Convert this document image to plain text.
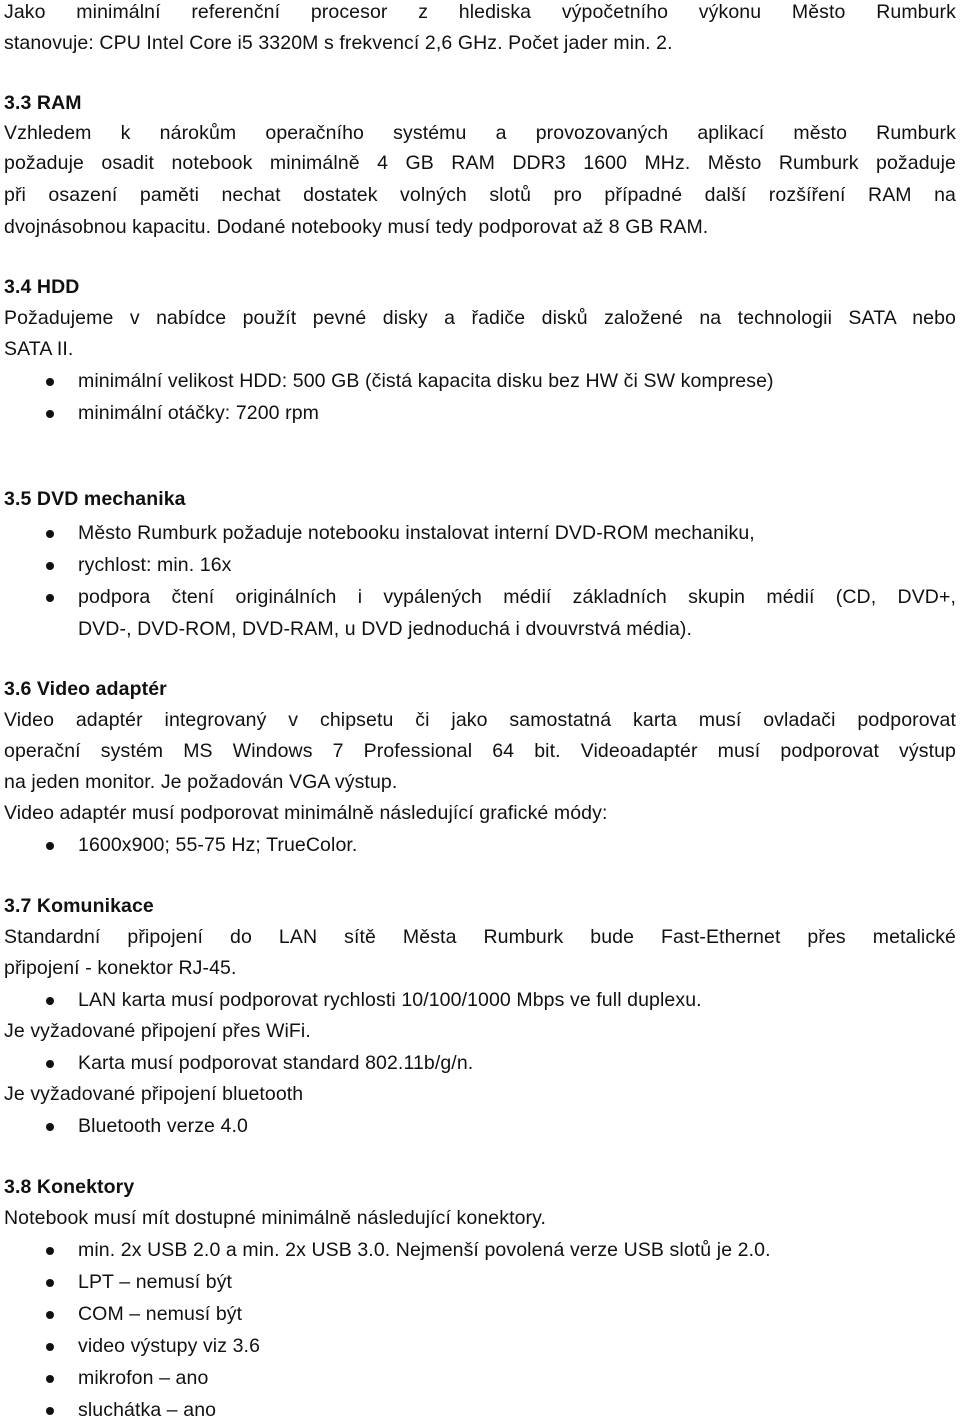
Jako minimální referenční procesor z hlediska výpočetního výkonu Město Rumburk
stanovuje: CPU Intel Core i5 3320M s frekvencí 2,6 GHz. Počet jader min. 2.
3.3 RAM
Vzhledem k nárokům operačního systému a provozovaných aplikací město Rumburk
požaduje osadit notebook minimálně 4 GB RAM DDR3 1600 MHz. Město Rumburk požaduje
při osazení paměti nechat dostatek volných slotů pro případné další rozšíření RAM na
dvojnásobnou kapacitu. Dodané notebooky musí tedy podporovat až 8 GB RAM.
3.4 HDD
Požadujeme v nabídce použít pevné disky a řadiče disků založené na technologii SATA nebo
SATA II.
minimální velikost HDD: 500 GB (čistá kapacita disku bez HW či SW komprese)
minimální otáčky: 7200 rpm
3.5 DVD mechanika
Město Rumburk požaduje notebooku instalovat interní DVD-ROM mechaniku,
rychlost: min. 16x
podpora čtení originálních i vypálených médií základních skupin médií (CD, DVD+,
DVD-, DVD-ROM, DVD-RAM, u DVD jednoduchá i dvouvrstvá média).
3.6 Video adaptér
Video adaptér integrovaný v chipsetu či jako samostatná karta musí ovladači podporovat
operační systém MS Windows 7 Professional 64 bit. Videoadaptér musí podporovat výstup
na jeden monitor. Je požadován VGA výstup.
Video adaptér musí podporovat minimálně následující grafické módy:
1600x900; 55-75 Hz; TrueColor.
3.7 Komunikace
Standardní připojení do LAN sítě Města Rumburk bude Fast-Ethernet přes metalické
připojení - konektor RJ-45.
LAN karta musí podporovat rychlosti 10/100/1000 Mbps ve full duplexu.
Je vyžadované připojení přes WiFi.
Karta musí podporovat standard 802.11b/g/n.
Je vyžadované připojení bluetooth
Bluetooth verze 4.0
3.8 Konektory
Notebook musí mít dostupné minimálně následující konektory.
min. 2x USB 2.0 a min. 2x USB 3.0. Nejmenší povolená verze USB slotů je 2.0.
LPT – nemusí být
COM – nemusí být
video výstupy viz 3.6
mikrofon – ano
sluchátka – ano
